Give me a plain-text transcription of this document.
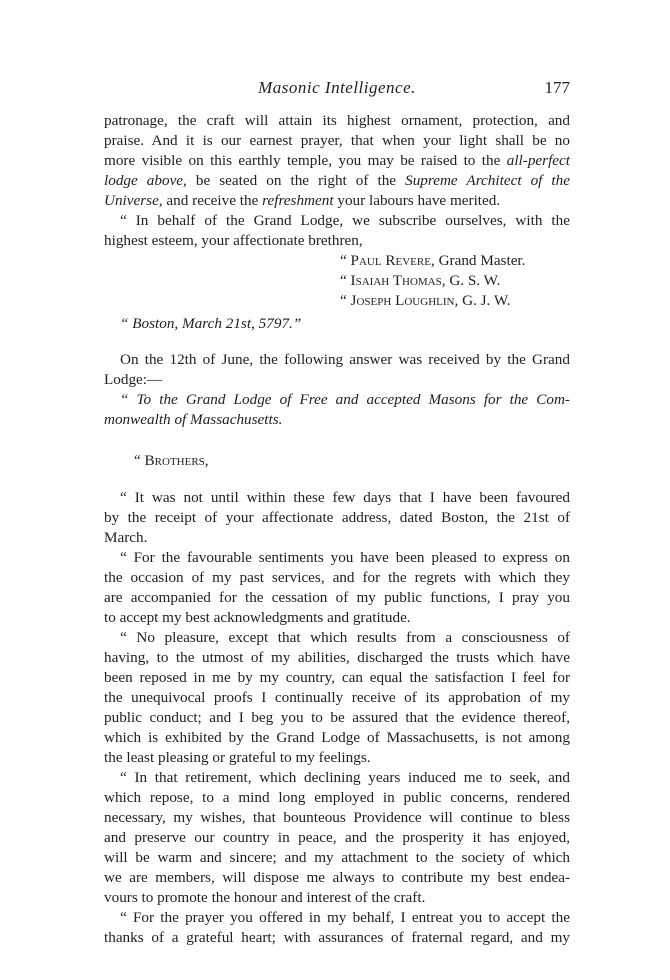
Masonic Intelligence.	177
patronage, the craft will attain its highest ornament, protection, and
praise. And it is our earnest prayer, that when your light shall be no
more visible on this earthly temple, you may be raised to the all-perfect
lodge above, be seated on the right of the Supreme Architect of the
Universe, and receive the refreshment your labours have merited.
“ In behalf of the Grand Lodge, we subscribe ourselves, with the
highest esteem, your affectionate brethren,
“ Paul Revere, Grand Master.
“ Isaiah Thomas, G. S. W.
“ Joseph Loughlin, G. J. W.
“ Boston, March 21st, 5797.”
On the 12th of June, the following answer was received by the Grand
Lodge:—
“ To the Grand Lodge of Free and accepted Masons for the Com-
monwealth of Massachusetts.
“ Brothers,
“ It was not until within these few days that I have been favoured
by the receipt of your affectionate address, dated Boston, the 21st of
March.
“ For the favourable sentiments you have been pleased to express on
the occasion of my past services, and for the regrets with which they
are accompanied for the cessation of my public functions, I pray you
to accept my best acknowledgments and gratitude.
“ No pleasure, except that which results from a consciousness of
having, to the utmost of my abilities, discharged the trusts which have
been reposed in me by my country, can equal the satisfaction I feel for
the unequivocal proofs I continually receive of its approbation of my
public conduct; and I beg you to be assured that the evidence thereof,
which is exhibited by the Grand Lodge of Massachusetts, is not among
the least pleasing or grateful to my feelings.
“ In that retirement, which declining years induced me to seek, and
which repose, to a mind long employed in public concerns, rendered
necessary, my wishes, that bounteous Providence will continue to bless
and preserve our country in peace, and the prosperity it has enjoyed,
will be warm and sincere; and my attachment to the society of which
we are members, will dispose me always to contribute my best endea-
vours to promote the honour and interest of the craft.
“ For the prayer you offered in my behalf, I entreat you to accept the
thanks of a grateful heart; with assurances of fraternal regard, and my
